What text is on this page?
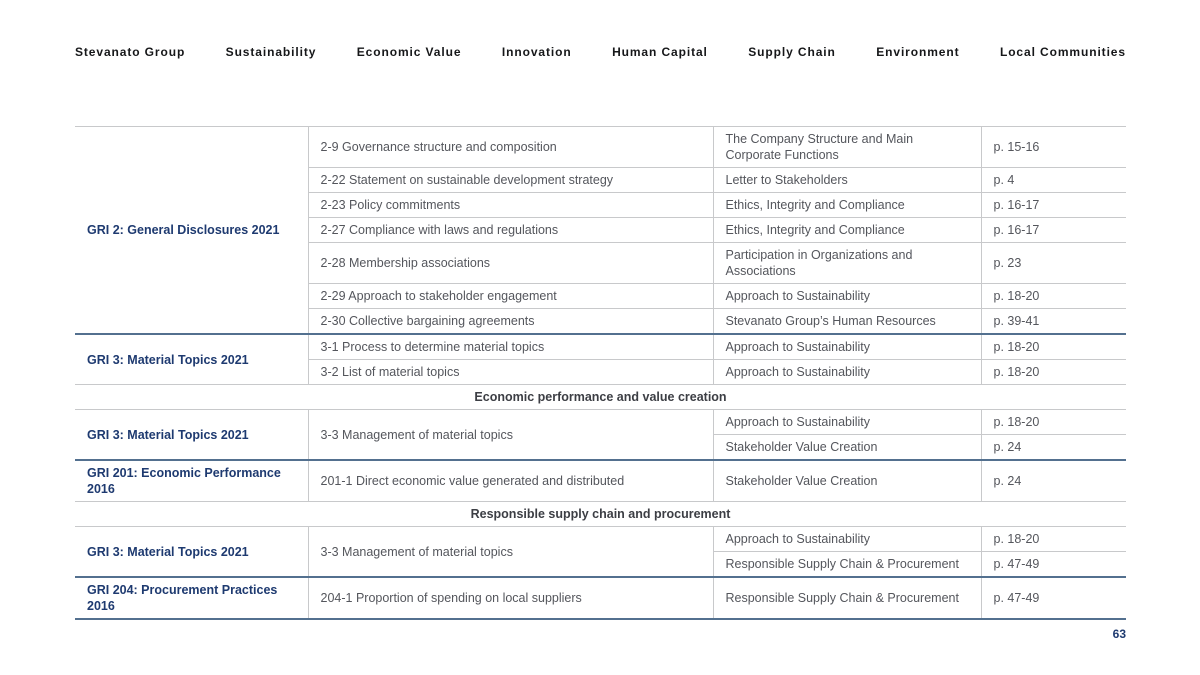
Stevanato Group	Sustainability	Economic Value	Innovation	Human Capital	Supply Chain	Environment	Local Communities
GRI 2: General Disclosures 2021	2-9 Governance structure and composition	The Company Structure and Main Corporate Functions	p. 15-16
	2-22 Statement on sustainable development strategy	Letter to Stakeholders	p. 4
	2-23 Policy commitments	Ethics, Integrity and Compliance	p. 16-17
	2-27 Compliance with laws and regulations	Ethics, Integrity and Compliance	p. 16-17
	2-28 Membership associations	Participation in Organizations and Associations	p. 23
	2-29 Approach to stakeholder engagement	Approach to Sustainability	p. 18-20
	2-30 Collective bargaining agreements	Stevanato Group’s Human Resources	p. 39-41
GRI 3: Material Topics 2021	3-1 Process to determine material topics	Approach to Sustainability	p. 18-20
	3-2 List of material topics	Approach to Sustainability	p. 18-20
Economic performance and value creation			
GRI 3: Material Topics 2021	3-3 Management of material topics	Approach to Sustainability	p. 18-20
		Stakeholder Value Creation	p. 24
GRI 201: Economic Performance 2016	201-1 Direct economic value generated and distributed	Stakeholder Value Creation	p. 24
Responsible supply chain and procurement			
GRI 3: Material Topics 2021	3-3 Management of material topics	Approach to Sustainability	p. 18-20
		Responsible Supply Chain & Procurement	p. 47-49
GRI 204: Procurement Practices 2016	204-1 Proportion of spending on local suppliers	Responsible Supply Chain & Procurement	p. 47-49
63
